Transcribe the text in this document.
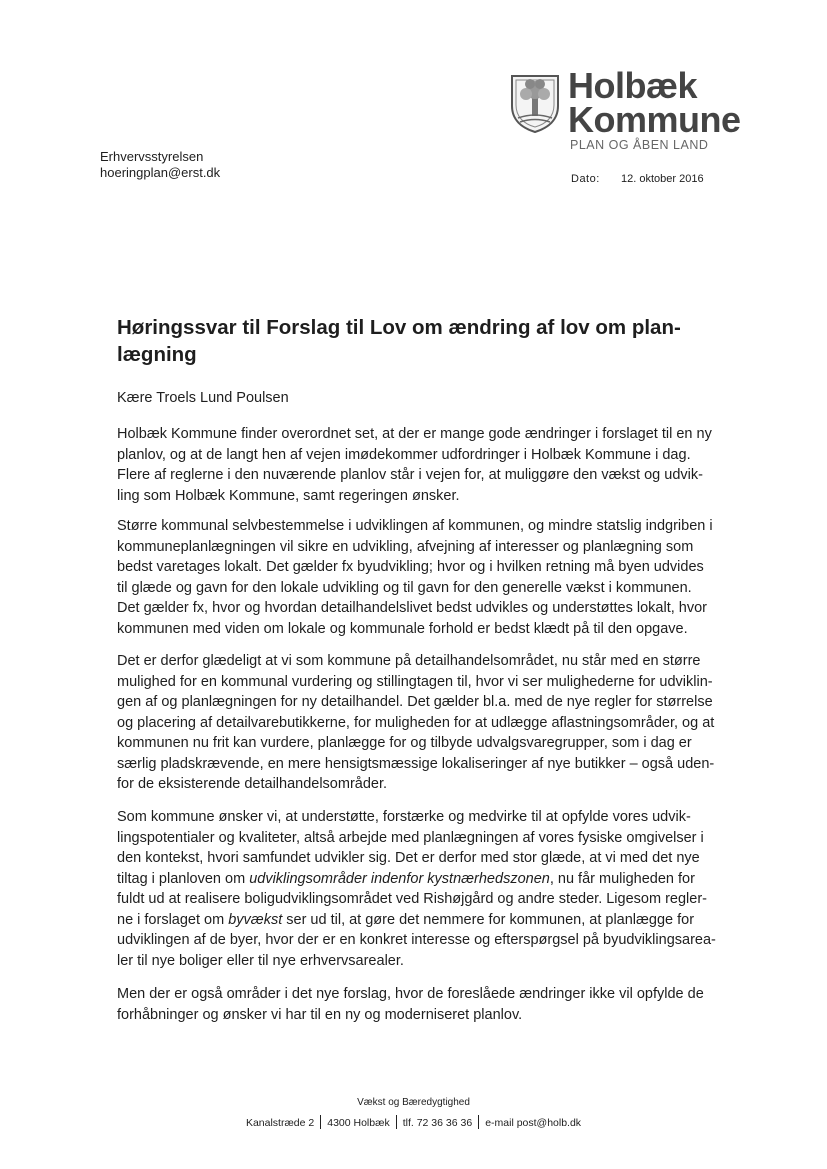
Holbæk
Kommune
PLAN OG ÅBEN LAND
Erhvervsstyrelsen
hoeringplan@erst.dk	Dato: 12. oktober 2016
Høringssvar til Forslag til Lov om ændring af lov om plan-
lægning
Kære Troels Lund Poulsen

Holbæk Kommune finder overordnet set, at der er mange gode ændringer i forslaget til en ny

planlov, og at de langt hen af vejen imødekommer udfordringer i Holbæk Kommune i dag.

Flere af reglerne i den nuværende planlov står i vejen for, at muliggøre den vækst og udvik-

ling som Holbæk Kommune, samt regeringen ønsker.

Større kommunal selvbestemmelse i udviklingen af kommunen, og mindre statslig indgriben i

kommuneplanlægningen vil sikre en udvikling, afvejning af interesser og planlægning som

bedst varetages lokalt. Det gælder fx byudvikling; hvor og i hvilken retning må byen udvides

til glæde og gavn for den lokale udvikling og til gavn for den generelle vækst i kommunen.

Det gælder fx, hvor og hvordan detailhandelslivet bedst udvikles og understøttes lokalt, hvor

kommunen med viden om lokale og kommunale forhold er bedst klædt på til den opgave.

Det er derfor glædeligt at vi som kommune på detailhandelsområdet, nu står med en større

mulighed for en kommunal vurdering og stillingtagen til, hvor vi ser mulighederne for udviklin-

gen af og planlægningen for ny detailhandel. Det gælder bl.a. med de nye regler for størrelse

og placering af detailvarebutikkerne, for muligheden for at udlægge aflastningsområder, og at

kommunen nu frit kan vurdere, planlægge for og tilbyde udvalgsvaregrupper, som i dag er

særlig pladskrævende, en mere hensigtsmæssige lokaliseringer af nye butikker – også uden-

for de eksisterende detailhandelsområder.

Som kommune ønsker vi, at understøtte, forstærke og medvirke til at opfylde vores udvik-

lingspotentialer og kvaliteter, altså arbejde med planlægningen af vores fysiske omgivelser i

den kontekst, hvori samfundet udvikler sig. Det er derfor med stor glæde, at vi med det nye

tiltag i planloven om udviklingsområder indenfor kystnærhedszonen, nu får muligheden for

fuldt ud at realisere boligudviklingsområdet ved Rishøjgård og andre steder. Ligesom regler-

ne i forslaget om byvækst ser ud til, at gøre det nemmere for kommunen, at planlægge for

udviklingen af de byer, hvor der er en konkret interesse og efterspørgsel på byudviklingsarea-

ler til nye boliger eller til nye erhvervsarealer.

Men der er også områder i det nye forslag, hvor de foreslåede ændringer ikke vil opfylde de

forhåbninger og ønsker vi har til en ny og moderniseret planlov.

Vækst og Bæredygtighed
Kanalstræde 2 4300 Holbæk tlf. 72 36 36 36 e-mail post@holb.dk
